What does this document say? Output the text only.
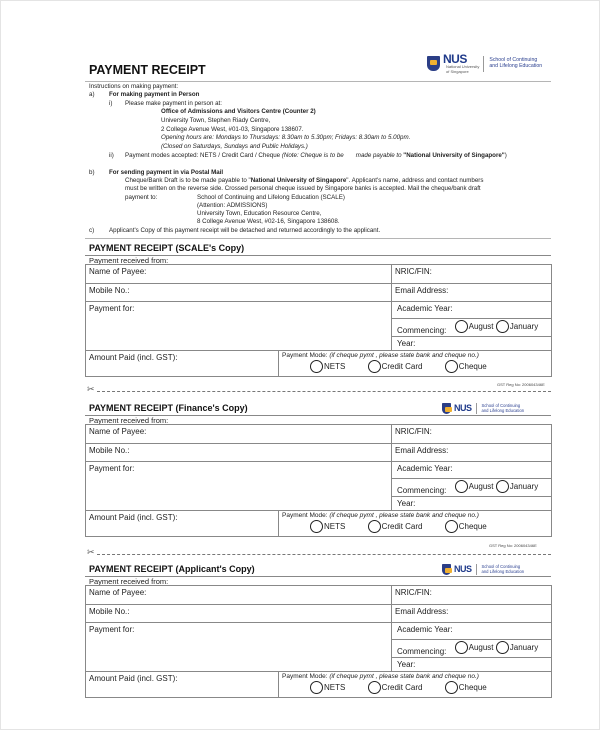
PAYMENT RECEIPT
NUS
National University
of Singapore
School of Continuing
and Lifelong Education
Instructions on making payment:
a) For making payment in Person
i) Please make payment in person at:
Office of Admissions and Visitors Centre (Counter 2)
University Town, Stephen Riady Centre,
2 College Avenue West, #01-03, Singapore 138607.
Opening hours are: Mondays to Thursdays: 8.30am to 5.30pm; Fridays: 8.30am to 5.00pm.
(Closed on Saturdays, Sundays and Public Holidays.)
ii) Payment modes accepted: NETS / Credit Card / Cheque (Note: Cheque is to be       made payable to "National University of Singapore")
b) For sending payment in via Postal Mail
Cheque/Bank Draft is to be made payable to "National University of Singapore". Applicant's name, address and contact numbers
must be written on the reverse side. Crossed personal cheque issued by Singapore banks is accepted. Mail the cheque/bank draft
payment to:	School of Continuing and Lifelong Education (SCALE)
(Attention: ADMISSIONS)
University Town, Education Resource Centre,
8 College Avenue West, #02-16, Singapore 138608.
c) Applicant's Copy of this payment receipt will be detached and returned accordingly to the applicant.
PAYMENT RECEIPT (SCALE's Copy)
Payment received from:
Name of Payee:		NRIC/FIN:
Mobile No.:		Email Address:
Payment for:		Academic Year:
		Commencing: August
January

		Year:
Amount Paid (incl. GST):	Payment Mode: (if cheque pymt , please state bank and cheque no.)
NETS
Credit Card
Cheque	
✂	GST Reg No: 200604346E
PAYMENT RECEIPT (Finance's Copy)	NUS School of Continuing
and Lifelong Education
Payment received from:
Name of Payee:		NRIC/FIN:
Mobile No.:		Email Address:
Payment for:		Academic Year:
		Commencing: August
January

		Year:
Amount Paid (incl. GST):	Payment Mode: (if cheque pymt , please state bank and cheque no.)
NETS
Credit Card
Cheque	
✂
GST Reg No: 200604346E
PAYMENT RECEIPT (Applicant's Copy)	NUS School of Continuing
and Lifelong Education
Payment received from:
Name of Payee:		NRIC/FIN:
Mobile No.:		Email Address:
Payment for:		Academic Year:
		Commencing: August
January

		Year:
Amount Paid (incl. GST):	Payment Mode: (if cheque pymt , please state bank and cheque no.)
NETS
Credit Card
Cheque	
